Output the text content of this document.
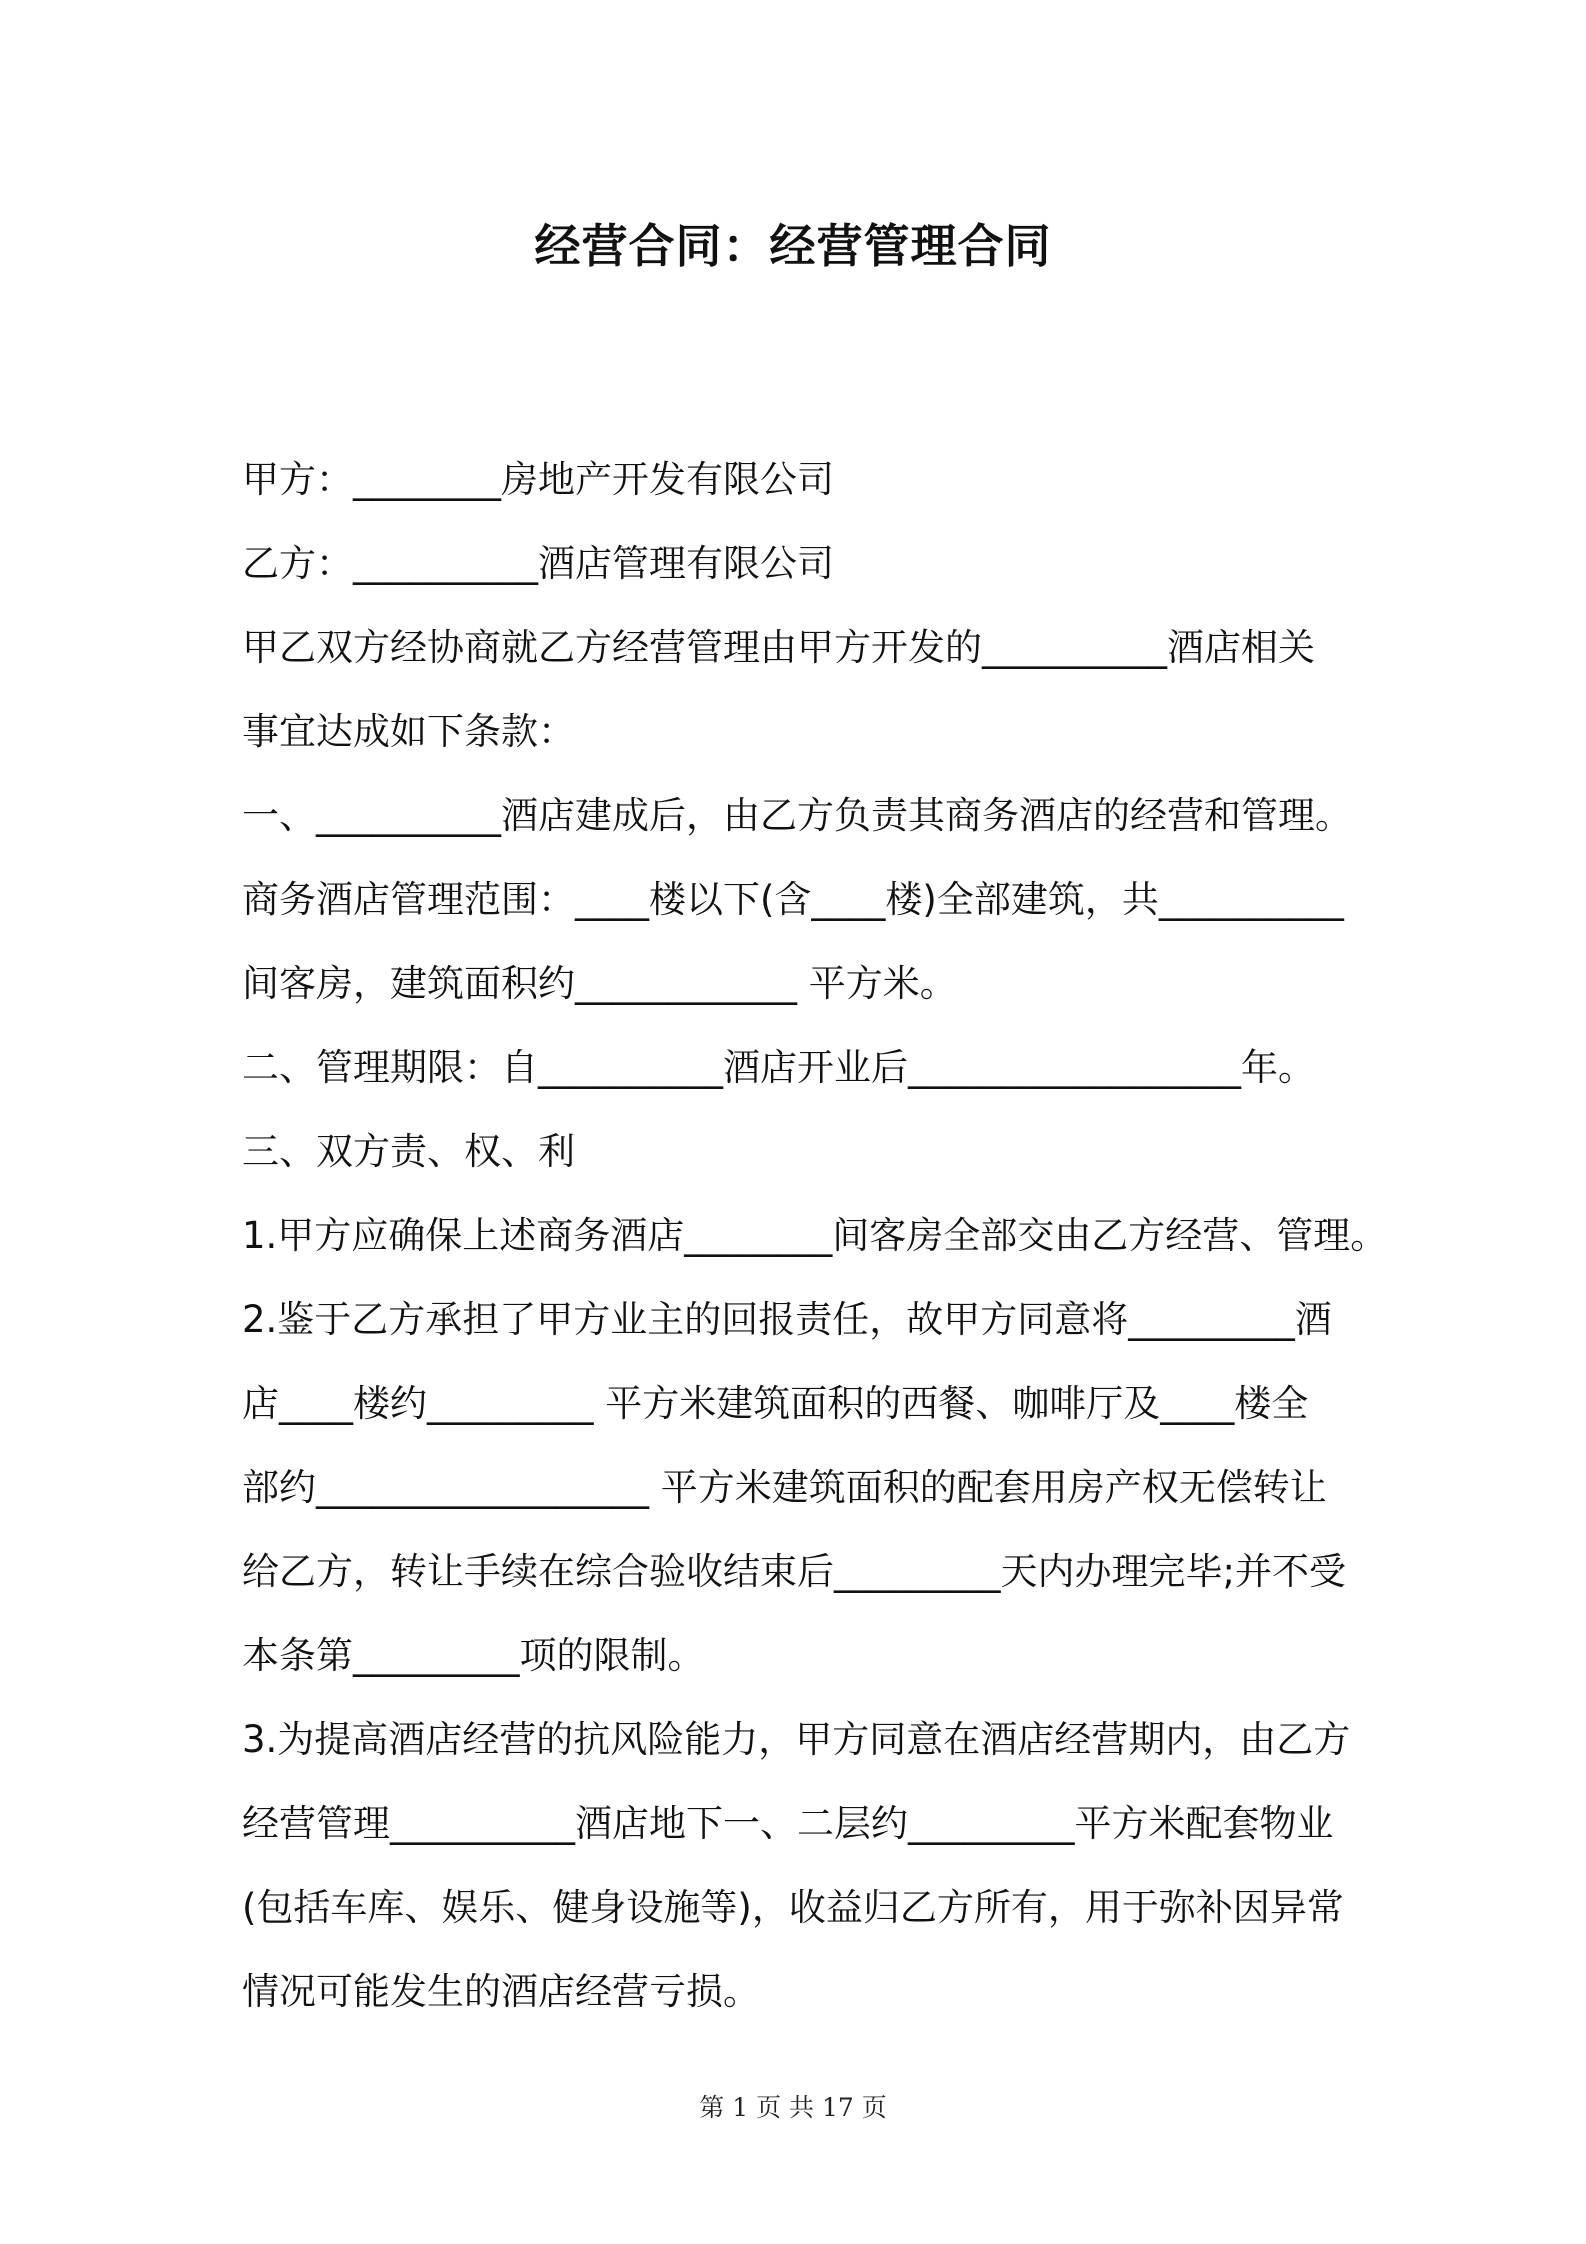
经营合同：经营管理合同

甲方：________房地产开发有限公司

乙方：__________酒店管理有限公司

甲乙双方经协商就乙方经营管理由甲方开发的__________酒店相关

事宜达成如下条款：

一、__________酒店建成后，由乙方负责其商务酒店的经营和管理。

商务酒店管理范围：____楼以下(含____楼)全部建筑，共__________

间客房，建筑面积约____________ 平方米。

二、管理期限：自__________酒店开业后__________________年。

三、双方责、权、利

1.甲方应确保上述商务酒店________间客房全部交由乙方经营、管理。

2.鉴于乙方承担了甲方业主的回报责任，故甲方同意将_________酒

店____楼约_________ 平方米建筑面积的西餐、咖啡厅及____楼全

部约__________________ 平方米建筑面积的配套用房产权无偿转让

给乙方，转让手续在综合验收结束后_________天内办理完毕;并不受

本条第_________项的限制。

3.为提高酒店经营的抗风险能力，甲方同意在酒店经营期内，由乙方

经营管理__________酒店地下一、二层约_________平方米配套物业

(包括车库、娱乐、健身设施等)，收益归乙方所有，用于弥补因异常

情况可能发生的酒店经营亏损。

第 1 页 共 17 页
